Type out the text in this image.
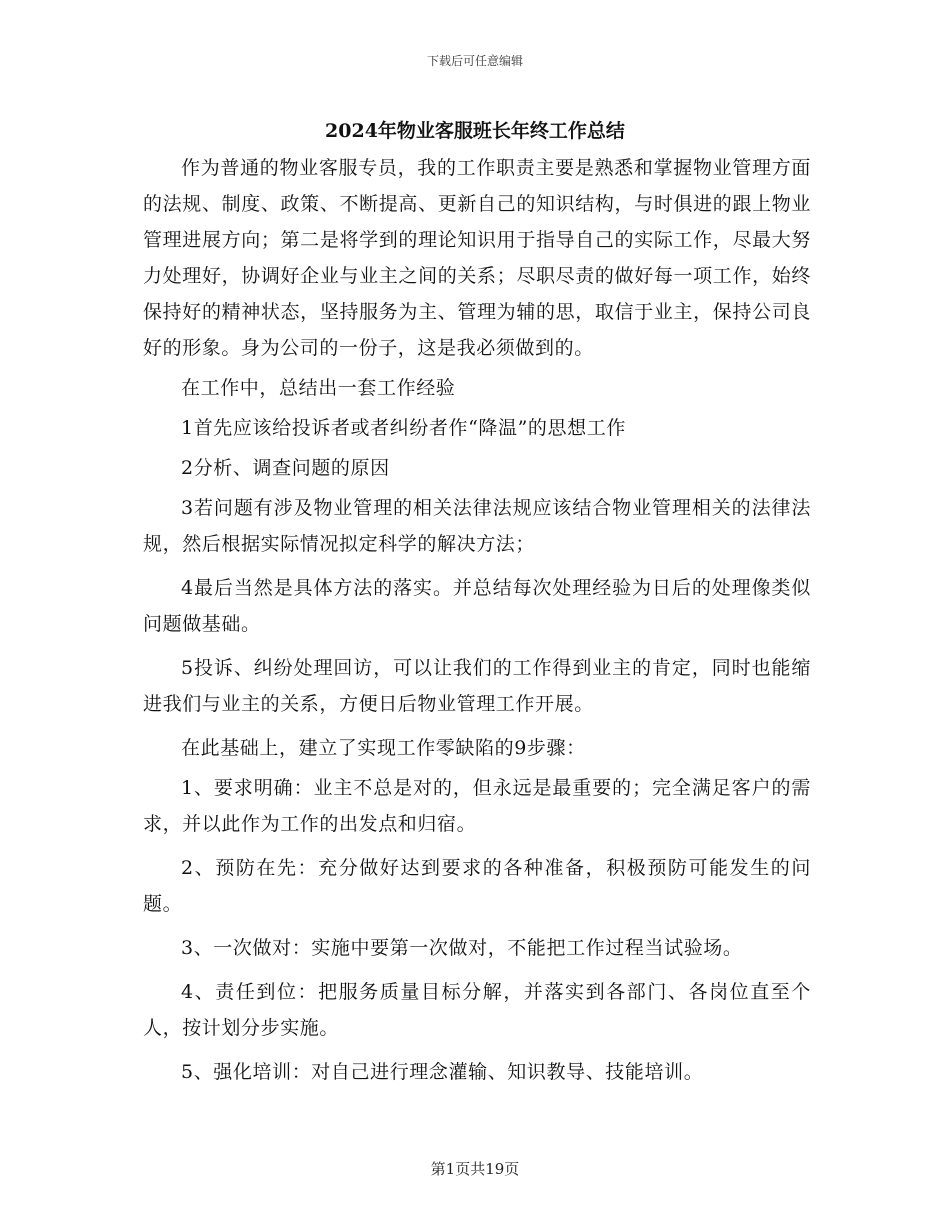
下载后可任意编辑
2024年物业客服班长年终工作总结

作为普通的物业客服专员，我的工作职责主要是熟悉和掌握物业管理方面的法规、制度、政策、不断提高、更新自己的知识结构，与时俱进的跟上物业管理进展方向；第二是将学到的理论知识用于指导自己的实际工作，尽最大努力处理好，协调好企业与业主之间的关系；尽职尽责的做好每一项工作，始终保持好的精神状态，坚持服务为主、管理为辅的思，取信于业主，保持公司良好的形象。身为公司的一份子，这是我必须做到的。

在工作中，总结出一套工作经验

1首先应该给投诉者或者纠纷者作“降温”的思想工作

2分析、调查问题的原因

3若问题有涉及物业管理的相关法律法规应该结合物业管理相关的法律法规，然后根据实际情况拟定科学的解决方法；

4最后当然是具体方法的落实。并总结每次处理经验为日后的处理像类似问题做基础。

5投诉、纠纷处理回访，可以让我们的工作得到业主的肯定，同时也能缩进我们与业主的关系，方便日后物业管理工作开展。

在此基础上，建立了实现工作零缺陷的9步骤：

1、要求明确：业主不总是对的，但永远是最重要的；完全满足客户的需求，并以此作为工作的出发点和归宿。

2、预防在先：充分做好达到要求的各种准备，积极预防可能发生的问题。

3、一次做对：实施中要第一次做对，不能把工作过程当试验场。

4、责任到位：把服务质量目标分解，并落实到各部门、各岗位直至个人，按计划分步实施。

5、强化培训：对自己进行理念灌输、知识教导、技能培训。

第1页共19页
